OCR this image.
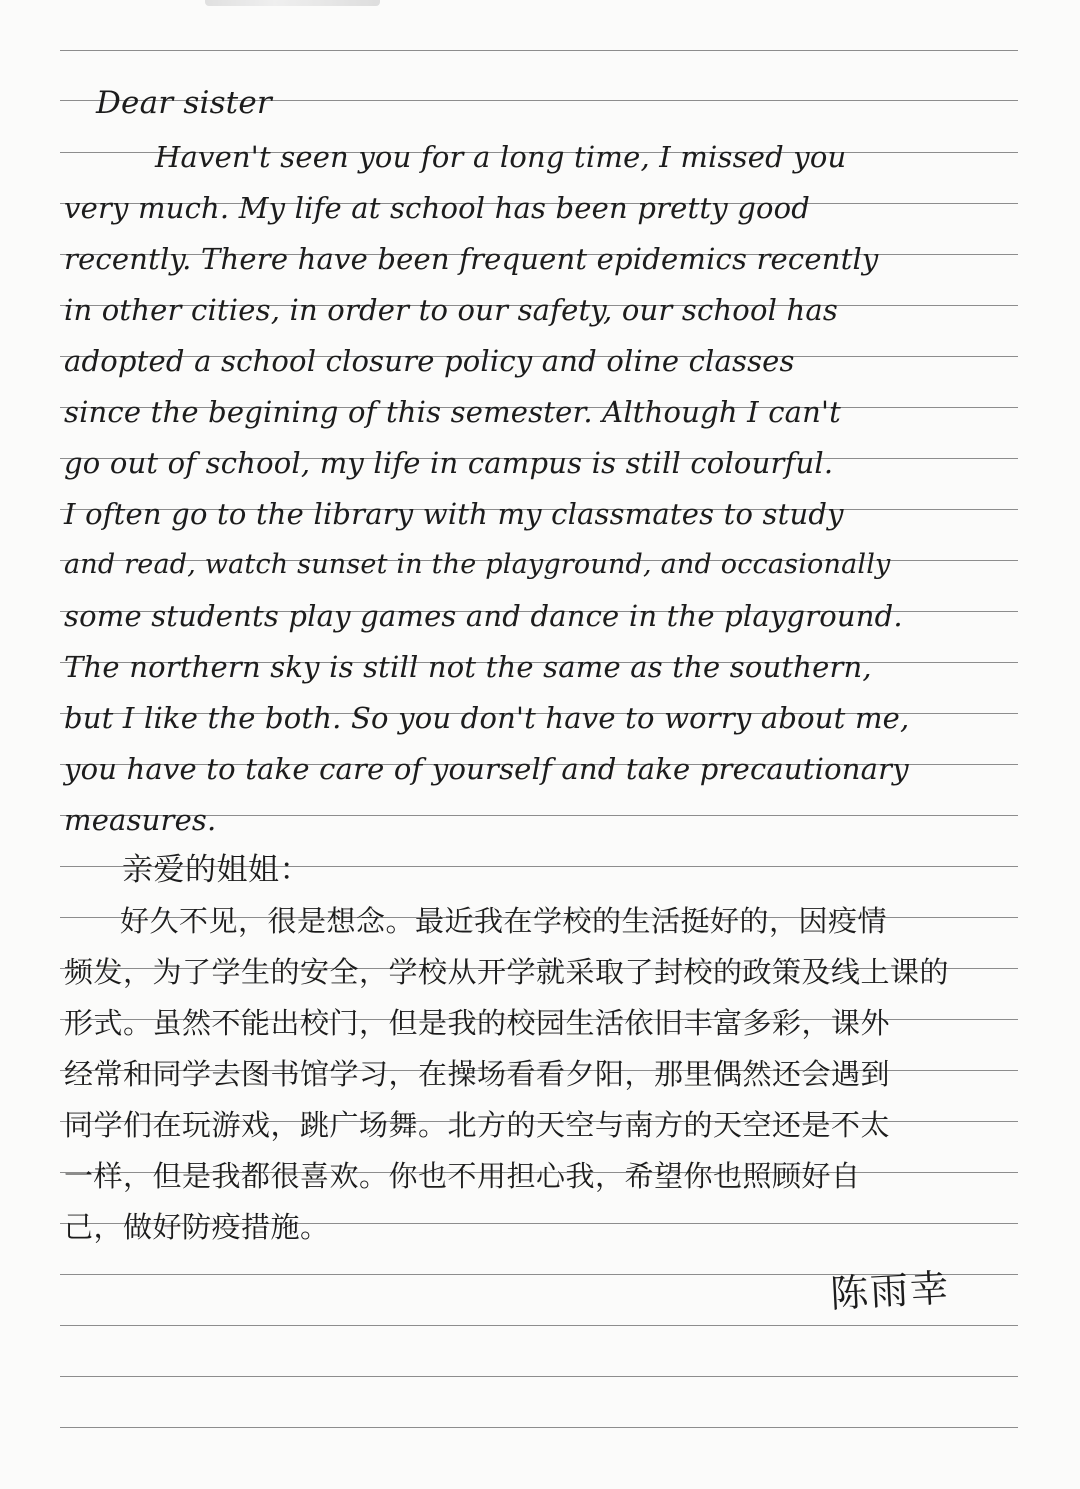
Dear sister
Haven't seen you for a long time, I missed you
very much. My life at school has been pretty good
recently. There have been frequent epidemics recently
in other cities, in order to our safety, our school has
adopted a school closure policy and oline classes
since the begining of this semester. Although I can't
go out of school, my life in campus is still colourful.
I often go to the library with my classmates to study
and read, watch sunset in the playground, and occasionally
some students play games and dance in the playground.
The northern sky is still not the same as the southern,
but I like the both. So you don't have to worry about me,
you have to take care of yourself and take precautionary
measures.
亲爱的姐姐：
好久不见，很是想念。最近我在学校的生活挺好的，因疫情
频发，为了学生的安全，学校从开学就采取了封校的政策及线上课的
形式。虽然不能出校门，但是我的校园生活依旧丰富多彩，课外
经常和同学去图书馆学习，在操场看看夕阳，那里偶然还会遇到
同学们在玩游戏，跳广场舞。北方的天空与南方的天空还是不太
一样，但是我都很喜欢。你也不用担心我，希望你也照顾好自
己，做好防疫措施。
陈雨幸
